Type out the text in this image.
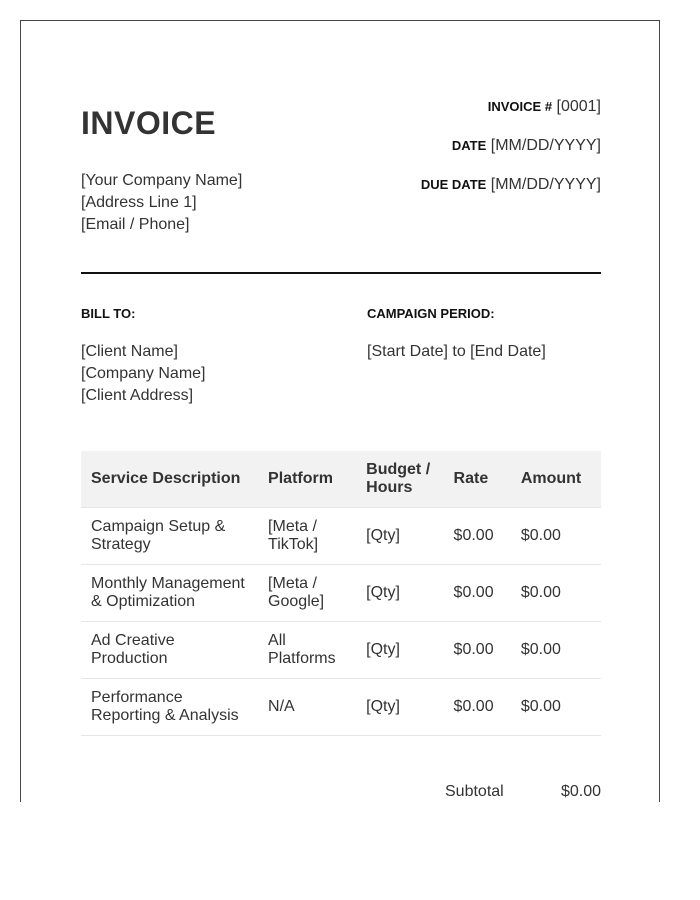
INVOICE
[Your Company Name]
[Address Line 1]
[Email / Phone]
INVOICE # [0001]
DATE [MM/DD/YYYY]
DUE DATE [MM/DD/YYYY]
BILL TO:
[Client Name]
[Company Name]
[Client Address]
CAMPAIGN PERIOD:
[Start Date] to [End Date]
Service Description	Platform	Budget / Hours	Rate	Amount
Campaign Setup & Strategy	[Meta / TikTok]	[Qty]	$0.00	$0.00
Monthly Management & Optimization	[Meta / Google]	[Qty]	$0.00	$0.00
Ad Creative Production	All Platforms	[Qty]	$0.00	$0.00
Performance Reporting & Analysis	N/A	[Qty]	$0.00	$0.00
Subtotal	$0.00
